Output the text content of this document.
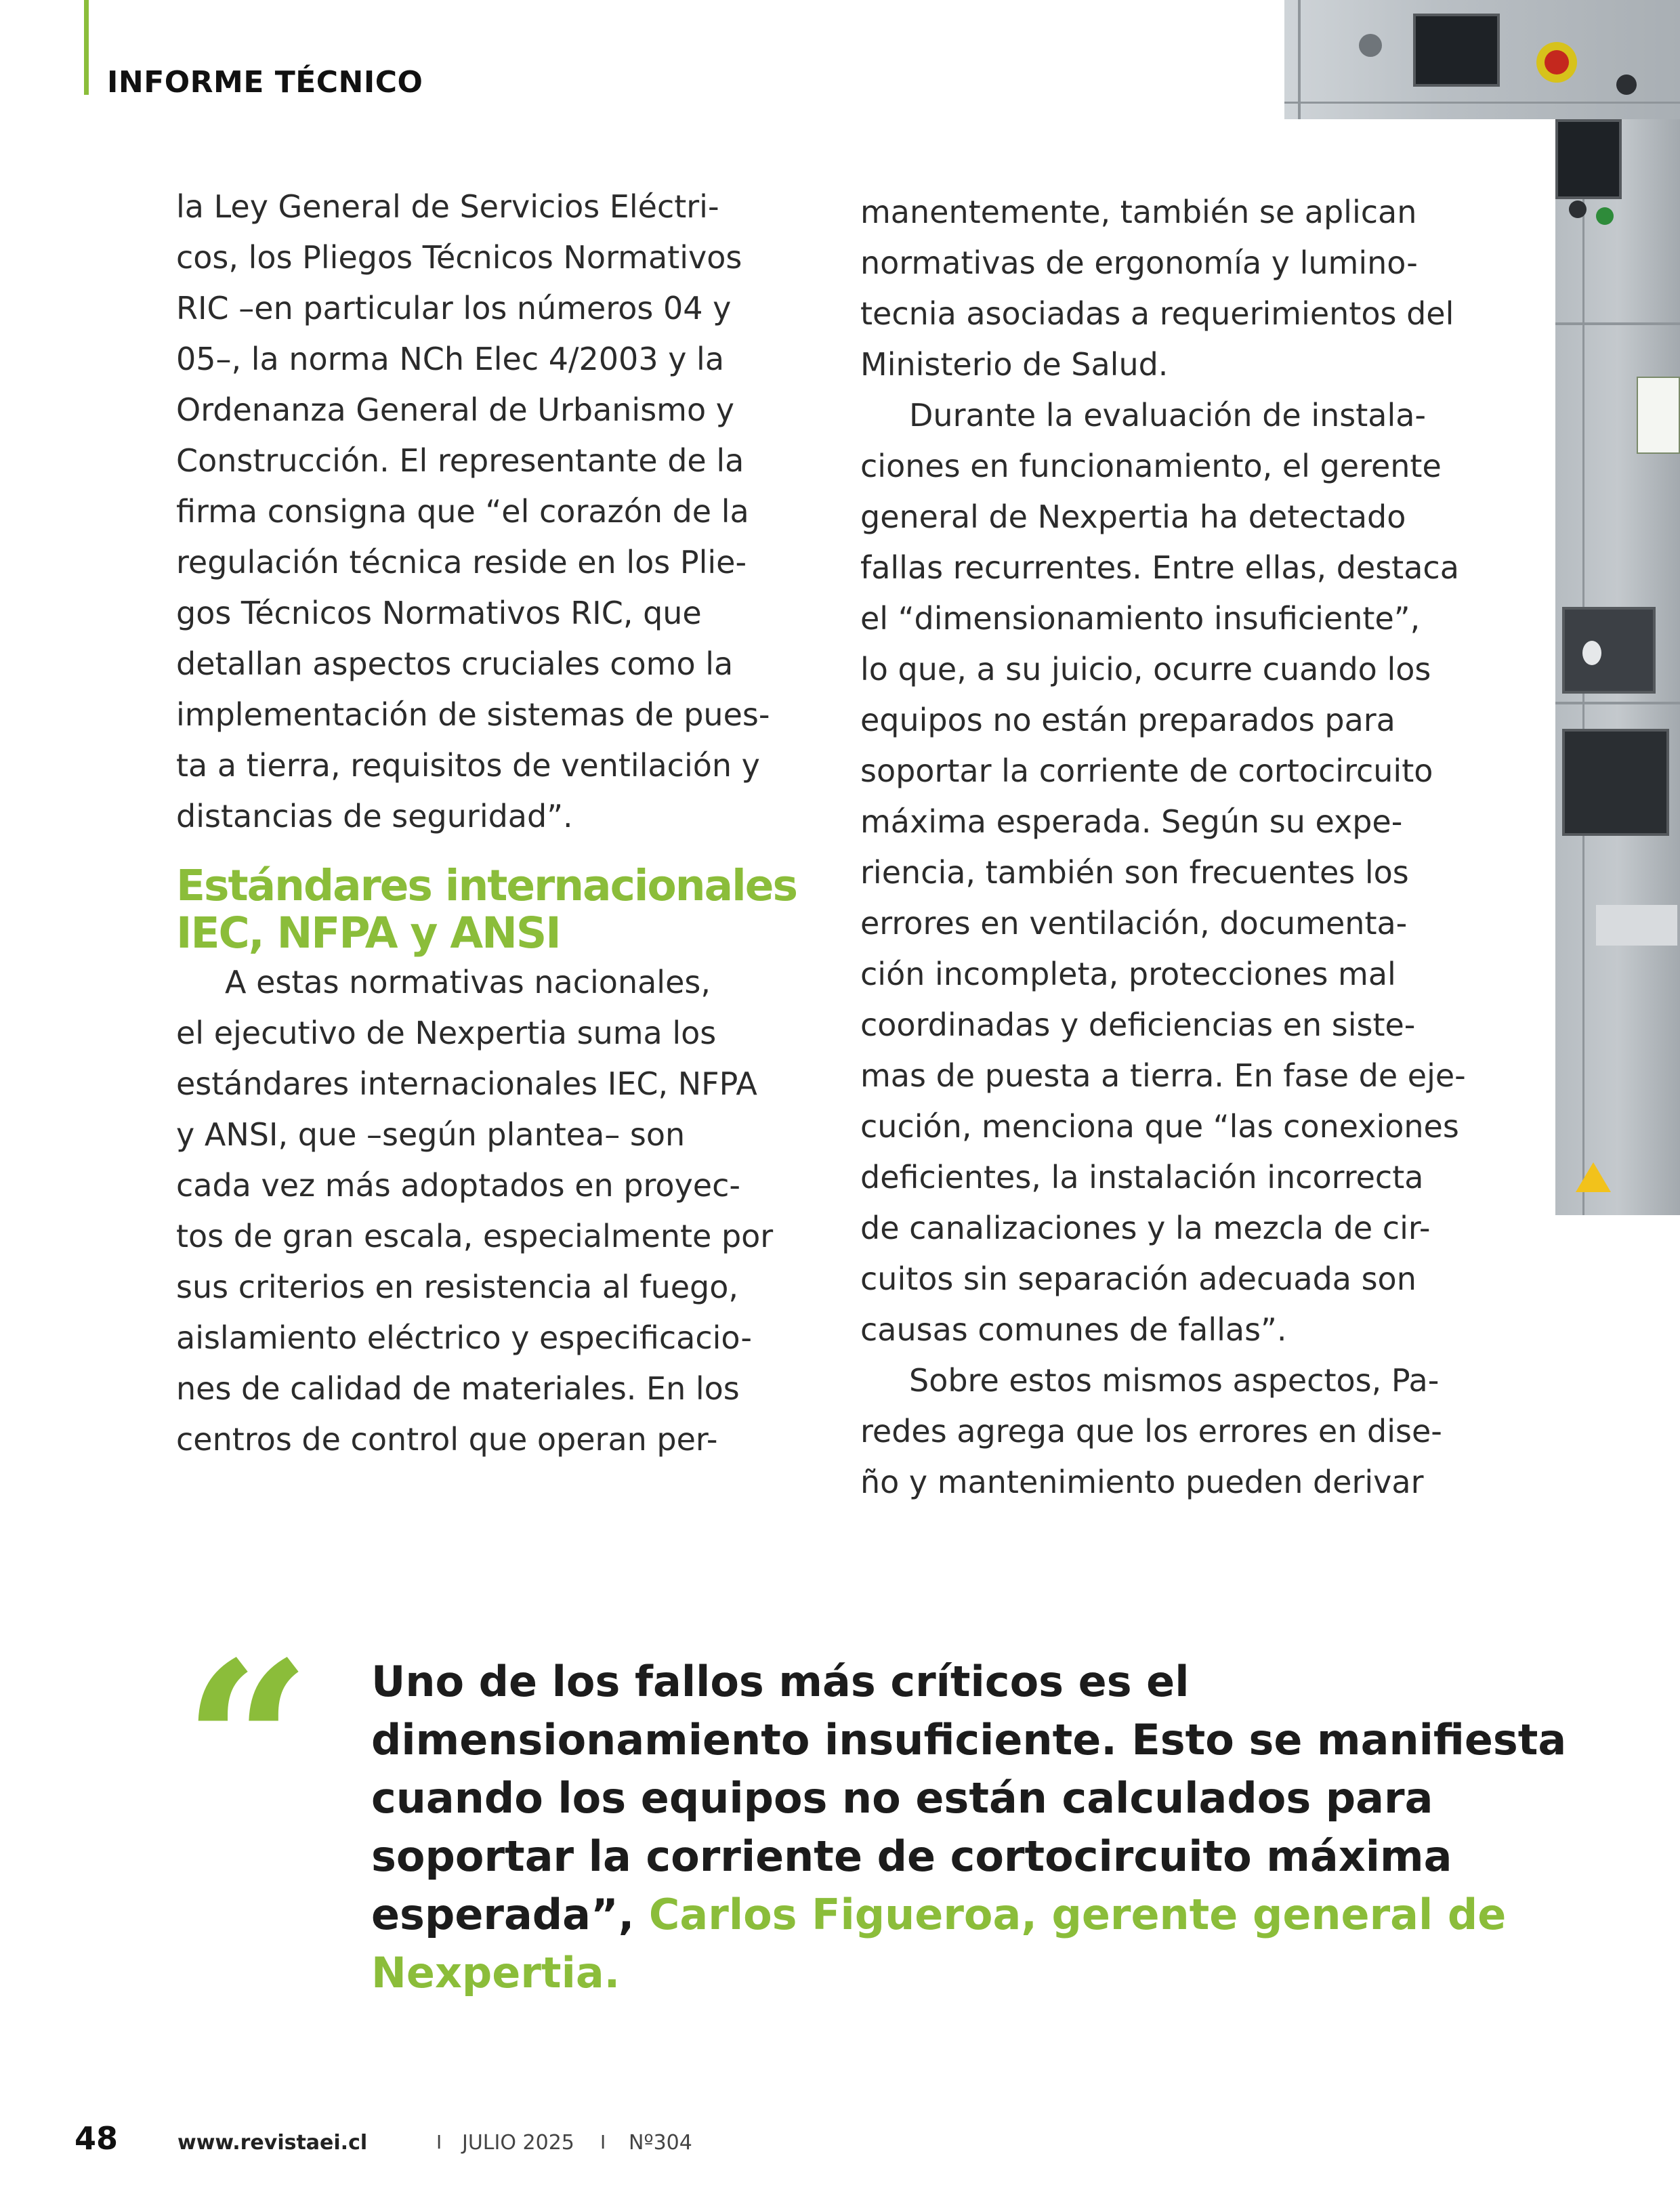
INFORME TÉCNICO

la Ley General de Servicios Eléctri-
cos, los Pliegos Técnicos Normativos
RIC –en particular los números 04 y
05–, la norma NCh Elec 4/2003 y la
Ordenanza General de Urbanismo y
Construcción. El representante de la
firma consigna que “el corazón de la
regulación técnica reside en los Plie-
gos Técnicos Normativos RIC, que
detallan aspectos cruciales como la
implementación de sistemas de pues-
ta a tierra, requisitos de ventilación y
distancias de seguridad”.

Estándares internacionales
IEC, NFPA y ANSI

A estas normativas nacionales,
el ejecutivo de Nexpertia suma los
estándares internacionales IEC, NFPA
y ANSI, que –según plantea– son
cada vez más adoptados en proyec-
tos de gran escala, especialmente por
sus criterios en resistencia al fuego,
aislamiento eléctrico y especificacio-
nes de calidad de materiales. En los
centros de control que operan per-

manentemente, también se aplican
normativas de ergonomía y lumino-
tecnia asociadas a requerimientos del
Ministerio de Salud.

Durante la evaluación de instala-
ciones en funcionamiento, el gerente
general de Nexpertia ha detectado
fallas recurrentes. Entre ellas, destaca
el “dimensionamiento insuficiente”,
lo que, a su juicio, ocurre cuando los
equipos no están preparados para
soportar la corriente de cortocircuito
máxima esperada. Según su expe-
riencia, también son frecuentes los
errores en ventilación, documenta-
ción incompleta, protecciones mal
coordinadas y deficiencias en siste-
mas de puesta a tierra. En fase de eje-
cución, menciona que “las conexiones
deficientes, la instalación incorrecta
de canalizaciones y la mezcla de cir-
cuitos sin separación adecuada son
causas comunes de fallas”.

Sobre estos mismos aspectos, Pa-
redes agrega que los errores en dise-
ño y mantenimiento pueden derivar

“ Uno de los fallos más críticos es el
dimensionamiento insuficiente. Esto se manifiesta
cuando los equipos no están calculados para
soportar la corriente de cortocircuito máxima
esperada”, Carlos Figueroa, gerente general de
Nexpertia.
48	www.revistaei.cl	I JULIO 2025 I Nº304
